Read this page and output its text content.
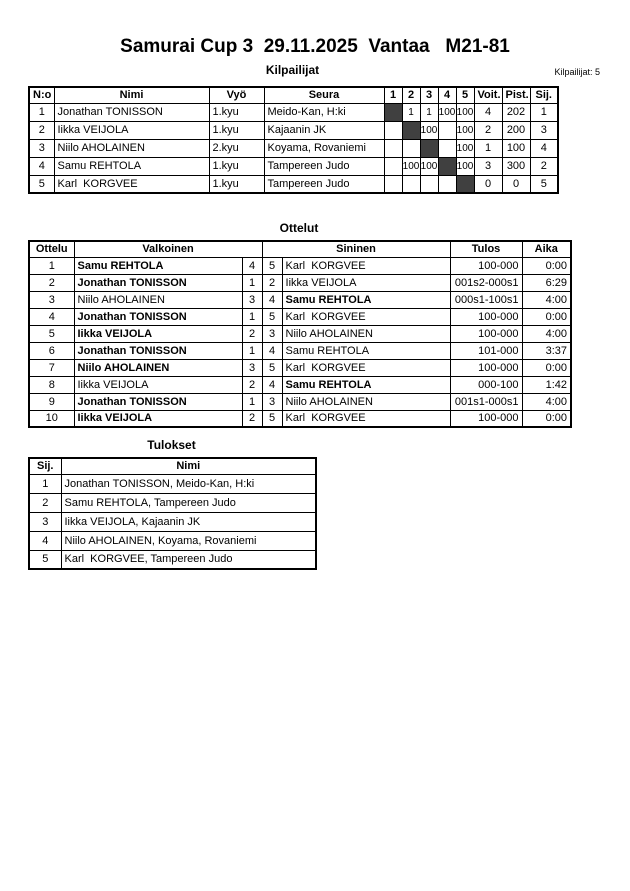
Samurai Cup 3  29.11.2025  Vantaa   M21-81
Kilpailijat	Kilpailijat: 5
N:o	Nimi	Vyö	Seura	1	2	3	4	5	Voit.	Pist.	Sij.
1	Jonathan TONISSON	1.kyu	Meido-Kan, H:ki		1	1	100	100	4	202	1
2	Iikka VEIJOLA	1.kyu	Kajaanin JK			100		100	2	200	3
3	Niilo AHOLAINEN	2.kyu	Koyama, Rovaniemi					100	1	100	4
4	Samu REHTOLA	1.kyu	Tampereen Judo		100	100		100	3	300	2
5	Karl  KORGVEE	1.kyu	Tampereen Judo						0	0	5
Ottelut
Ottelu	Valkoinen		Sininen		Tulos	Aika
1	Samu REHTOLA	4	5	Karl  KORGVEE	100-000	0:00
2	Jonathan TONISSON	1	2	Iikka VEIJOLA	001s2-000s1	6:29
3	Niilo AHOLAINEN	3	4	Samu REHTOLA	000s1-100s1	4:00
4	Jonathan TONISSON	1	5	Karl  KORGVEE	100-000	0:00
5	Iikka VEIJOLA	2	3	Niilo AHOLAINEN	100-000	4:00
6	Jonathan TONISSON	1	4	Samu REHTOLA	101-000	3:37
7	Niilo AHOLAINEN	3	5	Karl  KORGVEE	100-000	0:00
8	Iikka VEIJOLA	2	4	Samu REHTOLA	000-100	1:42
9	Jonathan TONISSON	1	3	Niilo AHOLAINEN	001s1-000s1	4:00
10	Iikka VEIJOLA	2	5	Karl  KORGVEE	100-000	0:00
Tulokset
Sij.	Nimi
1	Jonathan TONISSON, Meido-Kan, H:ki
2	Samu REHTOLA, Tampereen Judo
3	Iikka VEIJOLA, Kajaanin JK
4	Niilo AHOLAINEN, Koyama, Rovaniemi
5	Karl  KORGVEE, Tampereen Judo
